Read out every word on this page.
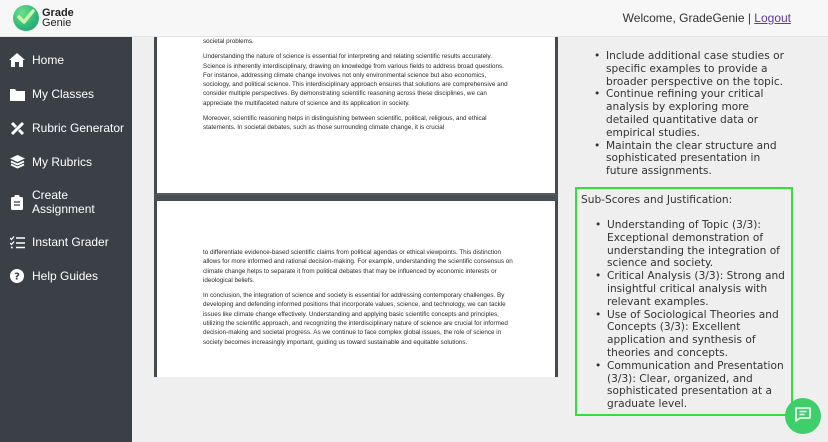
Grade
Genie	Welcome, GradeGenie | Logout
Home
My Classes
Rubric Generator
My Rubrics
Create Assignment
Instant Grader
? Help Guides

societal problems.

Understanding the nature of science is essential for interpreting and relating scientific results accurately. Science is inherently interdisciplinary, drawing on knowledge from various fields to address broad questions. For instance, addressing climate change involves not only environmental science but also economics, sociology, and political science. This interdisciplinary approach ensures that solutions are comprehensive and consider multiple perspectives. By demonstrating scientific reasoning across these disciplines, we can appreciate the multifaceted nature of science and its application in society.

Moreover, scientific reasoning helps in distinguishing between scientific, political, religious, and ethical statements. In societal debates, such as those surrounding climate change, it is crucial

to differentiate evidence-based scientific claims from political agendas or ethical viewpoints. This distinction allows for more informed and rational decision-making. For example, understanding the scientific consensus on climate change helps to separate it from political debates that may be influenced by economic interests or ideological beliefs.

In conclusion, the integration of science and society is essential for addressing contemporary challenges. By developing and defending informed positions that incorporate values, science, and technology, we can tackle issues like climate change effectively. Understanding and applying basic scientific concepts and principles, utilizing the scientific approach, and recognizing the interdisciplinary nature of science are crucial for informed decision-making and societal progress. As we continue to face complex global issues, the role of science in society becomes increasingly important, guiding us toward sustainable and equitable solutions.

• Include additional case studies or specific examples to provide a broader perspective on the topic.
• Continue refining your critical analysis by exploring more detailed quantitative data or empirical studies.
• Maintain the clear structure and sophisticated presentation in future assignments.
Sub-Scores and Justification:
• Understanding of Topic (3/3): Exceptional demonstration of understanding the integration of science and society.
• Critical Analysis (3/3): Strong and insightful critical analysis with relevant examples.
• Use of Sociological Theories and Concepts (3/3): Excellent application and synthesis of theories and concepts.
• Communication and Presentation (3/3): Clear, organized, and sophisticated presentation at a graduate level.
